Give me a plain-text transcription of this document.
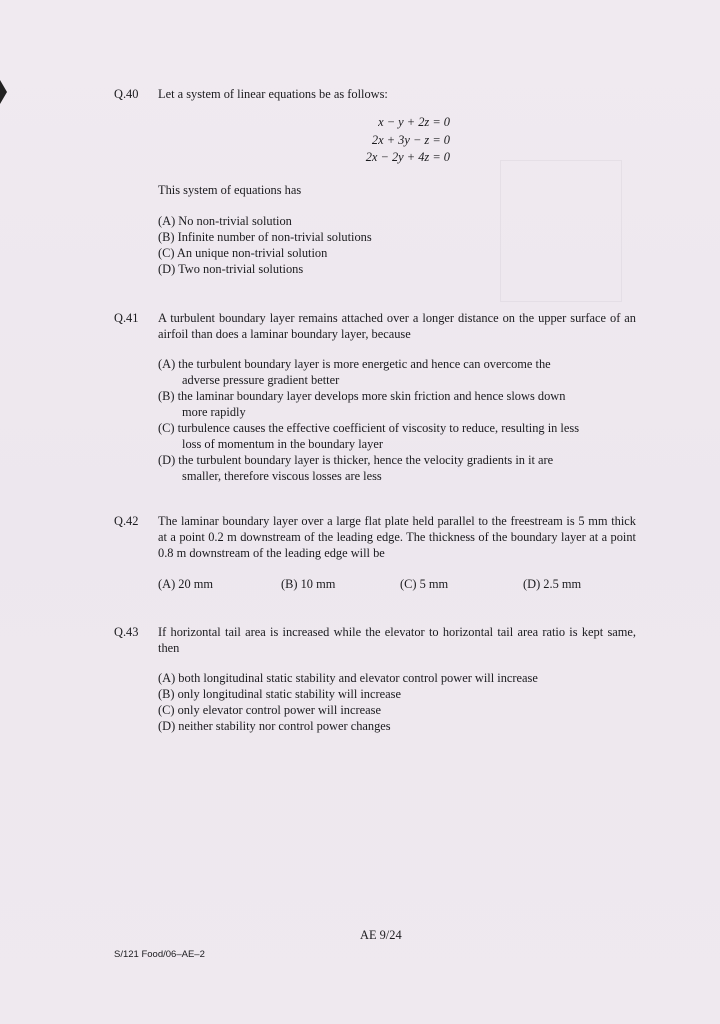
Q.40	Let a system of linear equations be as follows:

x − y + 2z = 0
2x + 3y − z = 0
2x − 2y + 4z = 0

This system of equations has

(A) No non-trivial solution

(B) Infinite number of non-trivial solutions

(C) An unique non-trivial solution

(D) Two non-trivial solutions

Q.41	A turbulent boundary layer remains attached over a longer distance on the upper surface of an airfoil than does a laminar boundary layer, because

(A) the turbulent boundary layer is more energetic and hence can overcome the

adverse pressure gradient better

(B) the laminar boundary layer develops more skin friction and hence slows down

more rapidly

(C) turbulence causes the effective coefficient of viscosity to reduce, resulting in less

loss of momentum in the boundary layer

(D) the turbulent boundary layer is thicker, hence the velocity gradients in it are

smaller, therefore viscous losses are less

Q.42	The laminar boundary layer over a large flat plate held parallel to the freestream is 5 mm thick at a point 0.2 m downstream of the leading edge. The thickness of the boundary layer at a point 0.8 m downstream of the leading edge will be

(A) 20 mm	(B) 10 mm	(C) 5 mm	(D) 2.5 mm
Q.43	If horizontal tail area is increased while the elevator to horizontal tail area ratio is kept same, then

(A) both longitudinal static stability and elevator control power will increase

(B) only longitudinal static stability will increase

(C) only elevator control power will increase

(D) neither stability nor control power changes

AE 9/24
S/121 Food/06–AE–2
